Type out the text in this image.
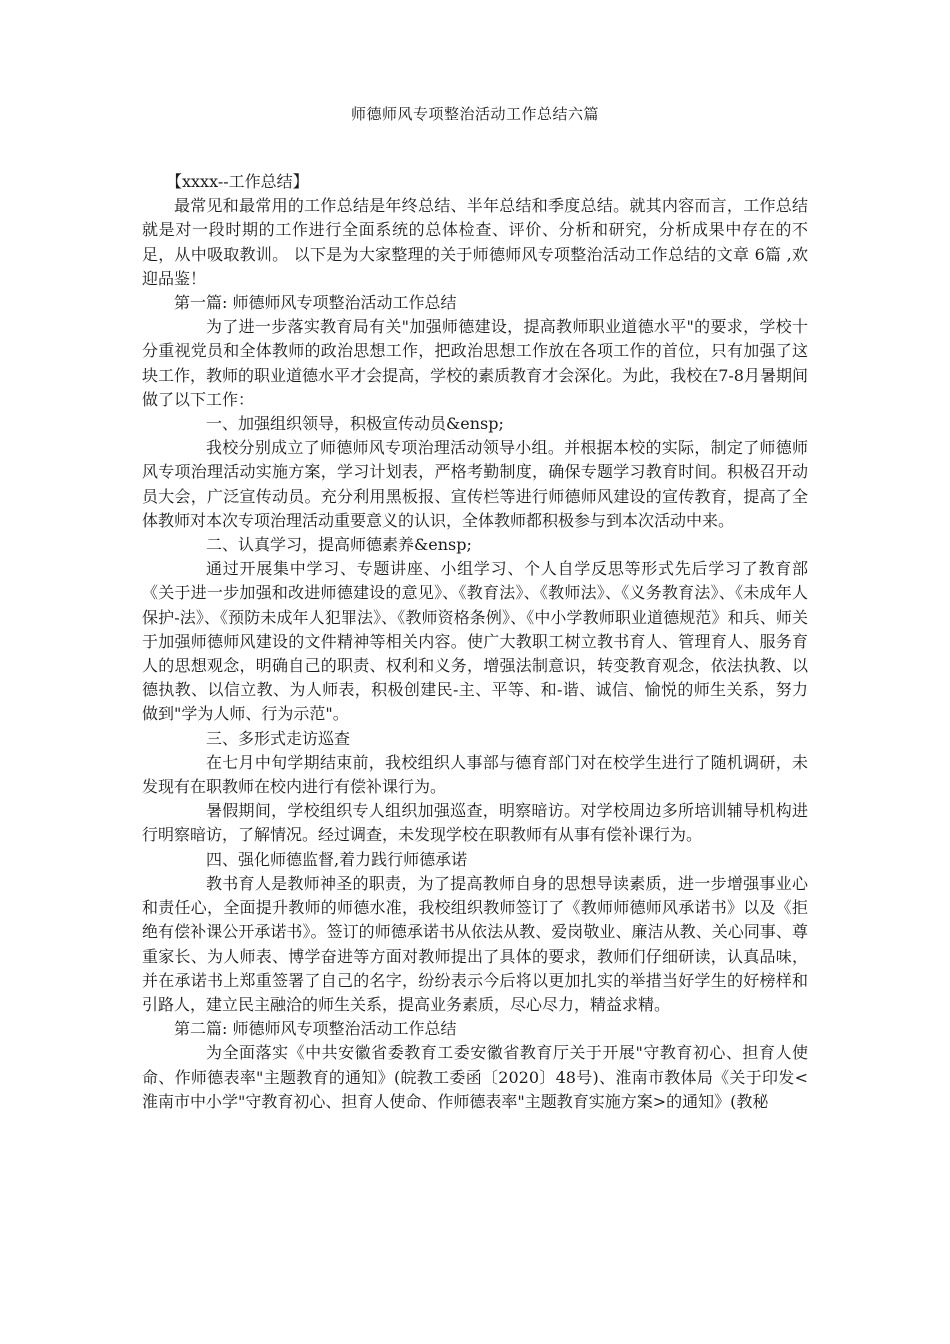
师德师风专项整治活动工作总结六篇

【xxxx--工作总结】

最常见和最常用的工作总结是年终总结、半年总结和季度总结。就其内容而言，工作总结就是对一段时期的工作进行全面系统的总体检查、评价、分析和研究，分析成果中存在的不足，从中吸取教训。 以下是为大家整理的关于师德师风专项整治活动工作总结的文章 6篇 ,欢迎品鉴！

第一篇: 师德师风专项整治活动工作总结

为了进一步落实教育局有关"加强师德建设，提高教师职业道德水平"的要求，学校十分重视党员和全体教师的政治思想工作，把政治思想工作放在各项工作的首位，只有加强了这块工作，教师的职业道德水平才会提高，学校的素质教育才会深化。为此，我校在7-8月暑期间做了以下工作：

一、加强组织领导，积极宣传动员&ensp;

我校分别成立了师德师风专项治理活动领导小组。并根据本校的实际，制定了师德师风专项治理活动实施方案，学习计划表，严格考勤制度，确保专题学习教育时间。积极召开动员大会，广泛宣传动员。充分利用黑板报、宣传栏等进行师德师风建设的宣传教育，提高了全体教师对本次专项治理活动重要意义的认识，全体教师都积极参与到本次活动中来。

二、认真学习，提高师德素养&ensp;

通过开展集中学习、专题讲座、小组学习、个人自学反思等形式先后学习了教育部《关于进一步加强和改进师德建设的意见》、《教育法》、《教师法》、《义务教育法》、《未成年人保护-法》、《预防未成年人犯罪法》、《教师资格条例》、《中小学教师职业道德规范》和兵、师关于加强师德师风建设的文件精神等相关内容。使广大教职工树立教书育人、管理育人、服务育人的思想观念，明确自己的职责、权利和义务，增强法制意识，转变教育观念，依法执教、以德执教、以信立教、为人师表，积极创建民-主、平等、和-谐、诚信、愉悦的师生关系，努力做到"学为人师、行为示范"。

三、多形式走访巡查

在七月中旬学期结束前，我校组织人事部与德育部门对在校学生进行了随机调研，未发现有在职教师在校内进行有偿补课行为。

暑假期间，学校组织专人组织加强巡查，明察暗访。对学校周边多所培训辅导机构进行明察暗访，了解情况。经过调查，未发现学校在职教师有从事有偿补课行为。

四、强化师德监督,着力践行师德承诺

教书育人是教师神圣的职责，为了提高教师自身的思想导读素质，进一步增强事业心和责任心，全面提升教师的师德水准，我校组织教师签订了《教师师德师风承诺书》以及《拒绝有偿补课公开承诺书》。签订的师德承诺书从依法从教、爱岗敬业、廉洁从教、关心同事、尊重家长、为人师表、博学奋进等方面对教师提出了具体的要求，教师们仔细研读，认真品味，并在承诺书上郑重签署了自己的名字，纷纷表示今后将以更加扎实的举措当好学生的好榜样和引路人，建立民主融洽的师生关系，提高业务素质，尽心尽力，精益求精。

第二篇: 师德师风专项整治活动工作总结

为全面落实《中共安徽省委教育工委安徽省教育厅关于开展"守教育初心、担育人使命、作师德表率"主题教育的通知》(皖教工委函〔2020〕48号)、淮南市教体局《关于印发<淮南市中小学"守教育初心、担育人使命、作师德表率"主题教育实施方案>的通知》(教秘
